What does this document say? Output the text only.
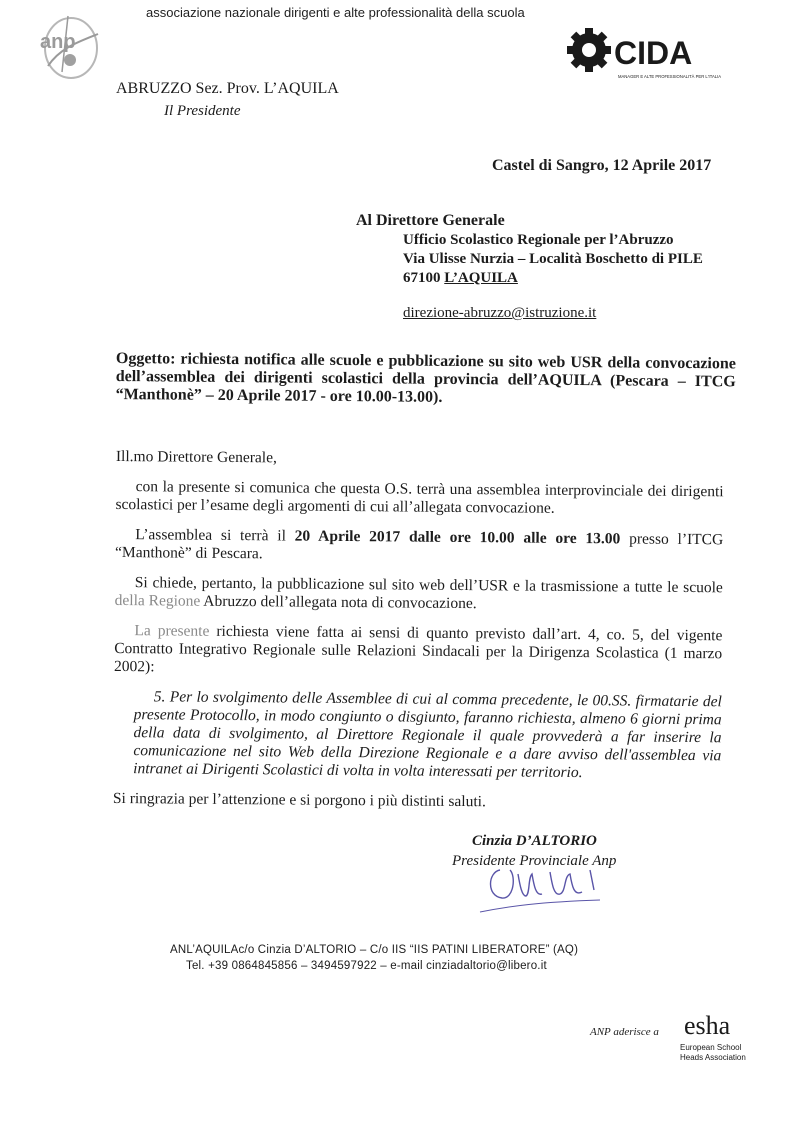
anp
associazione nazionale dirigenti e alte professionalità della scuola
CIDA
MANAGER E ALTE PROFESSIONALITÀ PER L'ITALIA
ABRUZZO Sez. Prov. L’AQUILA
Il Presidente
Castel di Sangro, 12 Aprile 2017
Al Direttore Generale
Ufficio Scolastico Regionale per l’Abruzzo
Via Ulisse Nurzia – Località Boschetto di PILE
67100 L’AQUILA
direzione-abruzzo@istruzione.it
Oggetto: richiesta notifica alle scuole e pubblicazione su sito web USR della convocazione dell’assemblea dei dirigenti scolastici della provincia dell’AQUILA (Pescara – ITCG “Manthonè” – 20 Aprile 2017 - ore 10.00-13.00).

Ill.mo Direttore Generale,

con la presente si comunica che questa O.S. terrà una assemblea interprovinciale dei dirigenti scolastici per l’esame degli argomenti di cui all’allegata convocazione.

L’assemblea si terrà il 20 Aprile 2017 dalle ore 10.00 alle ore 13.00 presso l’ITCG “Manthonè” di Pescara.

Si chiede, pertanto, la pubblicazione sul sito web dell’USR e la trasmissione a tutte le scuole della Regione Abruzzo dell’allegata nota di convocazione.

La presente richiesta viene fatta ai sensi di quanto previsto dall’art. 4, co. 5, del vigente Contratto Integrativo Regionale sulle Relazioni Sindacali per la Dirigenza Scolastica (1 marzo 2002):

5. Per lo svolgimento delle Assemblee di cui al comma precedente, le 00.SS. firmatarie del presente Protocollo, in modo congiunto o disgiunto, faranno richiesta, almeno 6 giorni prima della data di svolgimento, al Direttore Regionale il quale provvederà a far inserire la comunicazione nel sito Web della Direzione Regionale e a dare avviso dell'assemblea via intranet ai Dirigenti Scolastici di volta in volta interessati per territorio.

Si ringrazia per l’attenzione e si porgono i più distinti saluti.

Cinzia D’ALTORIO
Presidente Provinciale Anp
ANL’AQUILAc/o Cinzia D’ALTORIO – C/o IIS “IIS PATINI LIBERATORE” (AQ)
Tel. +39 0864845856 – 3494597922 – e-mail cinziadaltorio@libero.it
ANP aderisce a esha
European School
Heads Association
